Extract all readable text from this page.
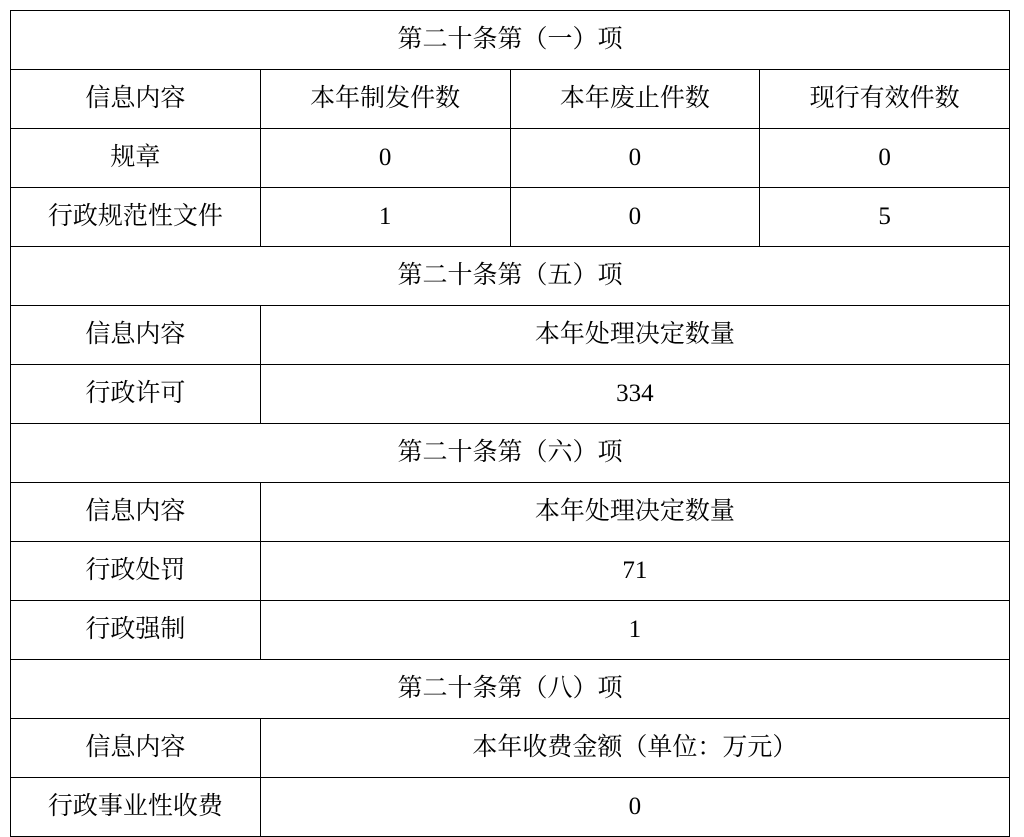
第二十条第（一）项			
信息内容	本年制发件数	本年废止件数	现行有效件数
规章	0	0	0
行政规范性文件	1	0	5
第二十条第（五）项			
信息内容	本年处理决定数量		
行政许可	334		
第二十条第（六）项			
信息内容	本年处理决定数量		
行政处罚	71		
行政强制	1		
第二十条第（八）项			
信息内容	本年收费金额（单位：万元）		
行政事业性收费	0		
